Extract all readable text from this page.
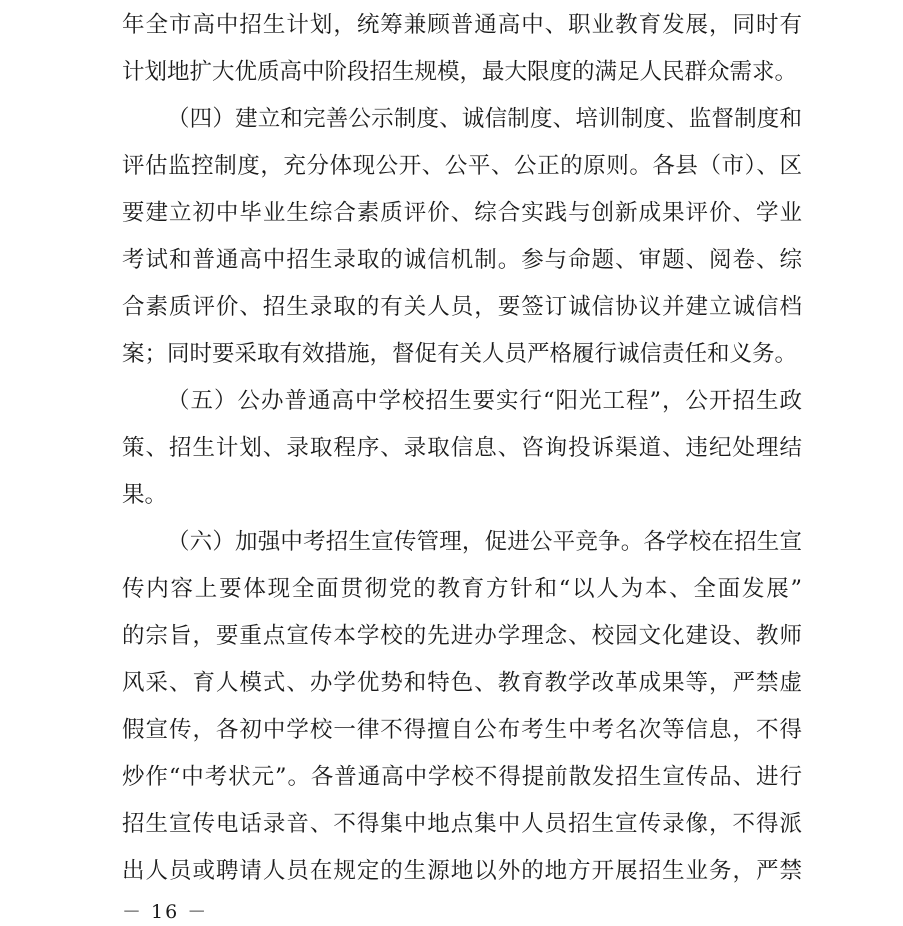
年全市高中招生计划，统筹兼顾普通高中、职业教育发展，同时有
计划地扩大优质高中阶段招生规模，最大限度的满足人民群众需求。
（四）建立和完善公示制度、诚信制度、培训制度、监督制度和
评估监控制度，充分体现公开、公平、公正的原则。各县（市）、区
要建立初中毕业生综合素质评价、综合实践与创新成果评价、学业
考试和普通高中招生录取的诚信机制。参与命题、审题、阅卷、综
合素质评价、招生录取的有关人员，要签订诚信协议并建立诚信档
案；同时要采取有效措施，督促有关人员严格履行诚信责任和义务。
（五）公办普通高中学校招生要实行“阳光工程”，公开招生政
策、招生计划、录取程序、录取信息、咨询投诉渠道、违纪处理结
果。
（六）加强中考招生宣传管理，促进公平竞争。各学校在招生宣
传内容上要体现全面贯彻党的教育方针和“以人为本、全面发展”
的宗旨，要重点宣传本学校的先进办学理念、校园文化建设、教师
风采、育人模式、办学优势和特色、教育教学改革成果等，严禁虚
假宣传，各初中学校一律不得擅自公布考生中考名次等信息，不得
炒作“中考状元”。各普通高中学校不得提前散发招生宣传品、进行
招生宣传电话录音、不得集中地点集中人员招生宣传录像，不得派
出人员或聘请人员在规定的生源地以外的地方开展招生业务，严禁
－ 16 －
